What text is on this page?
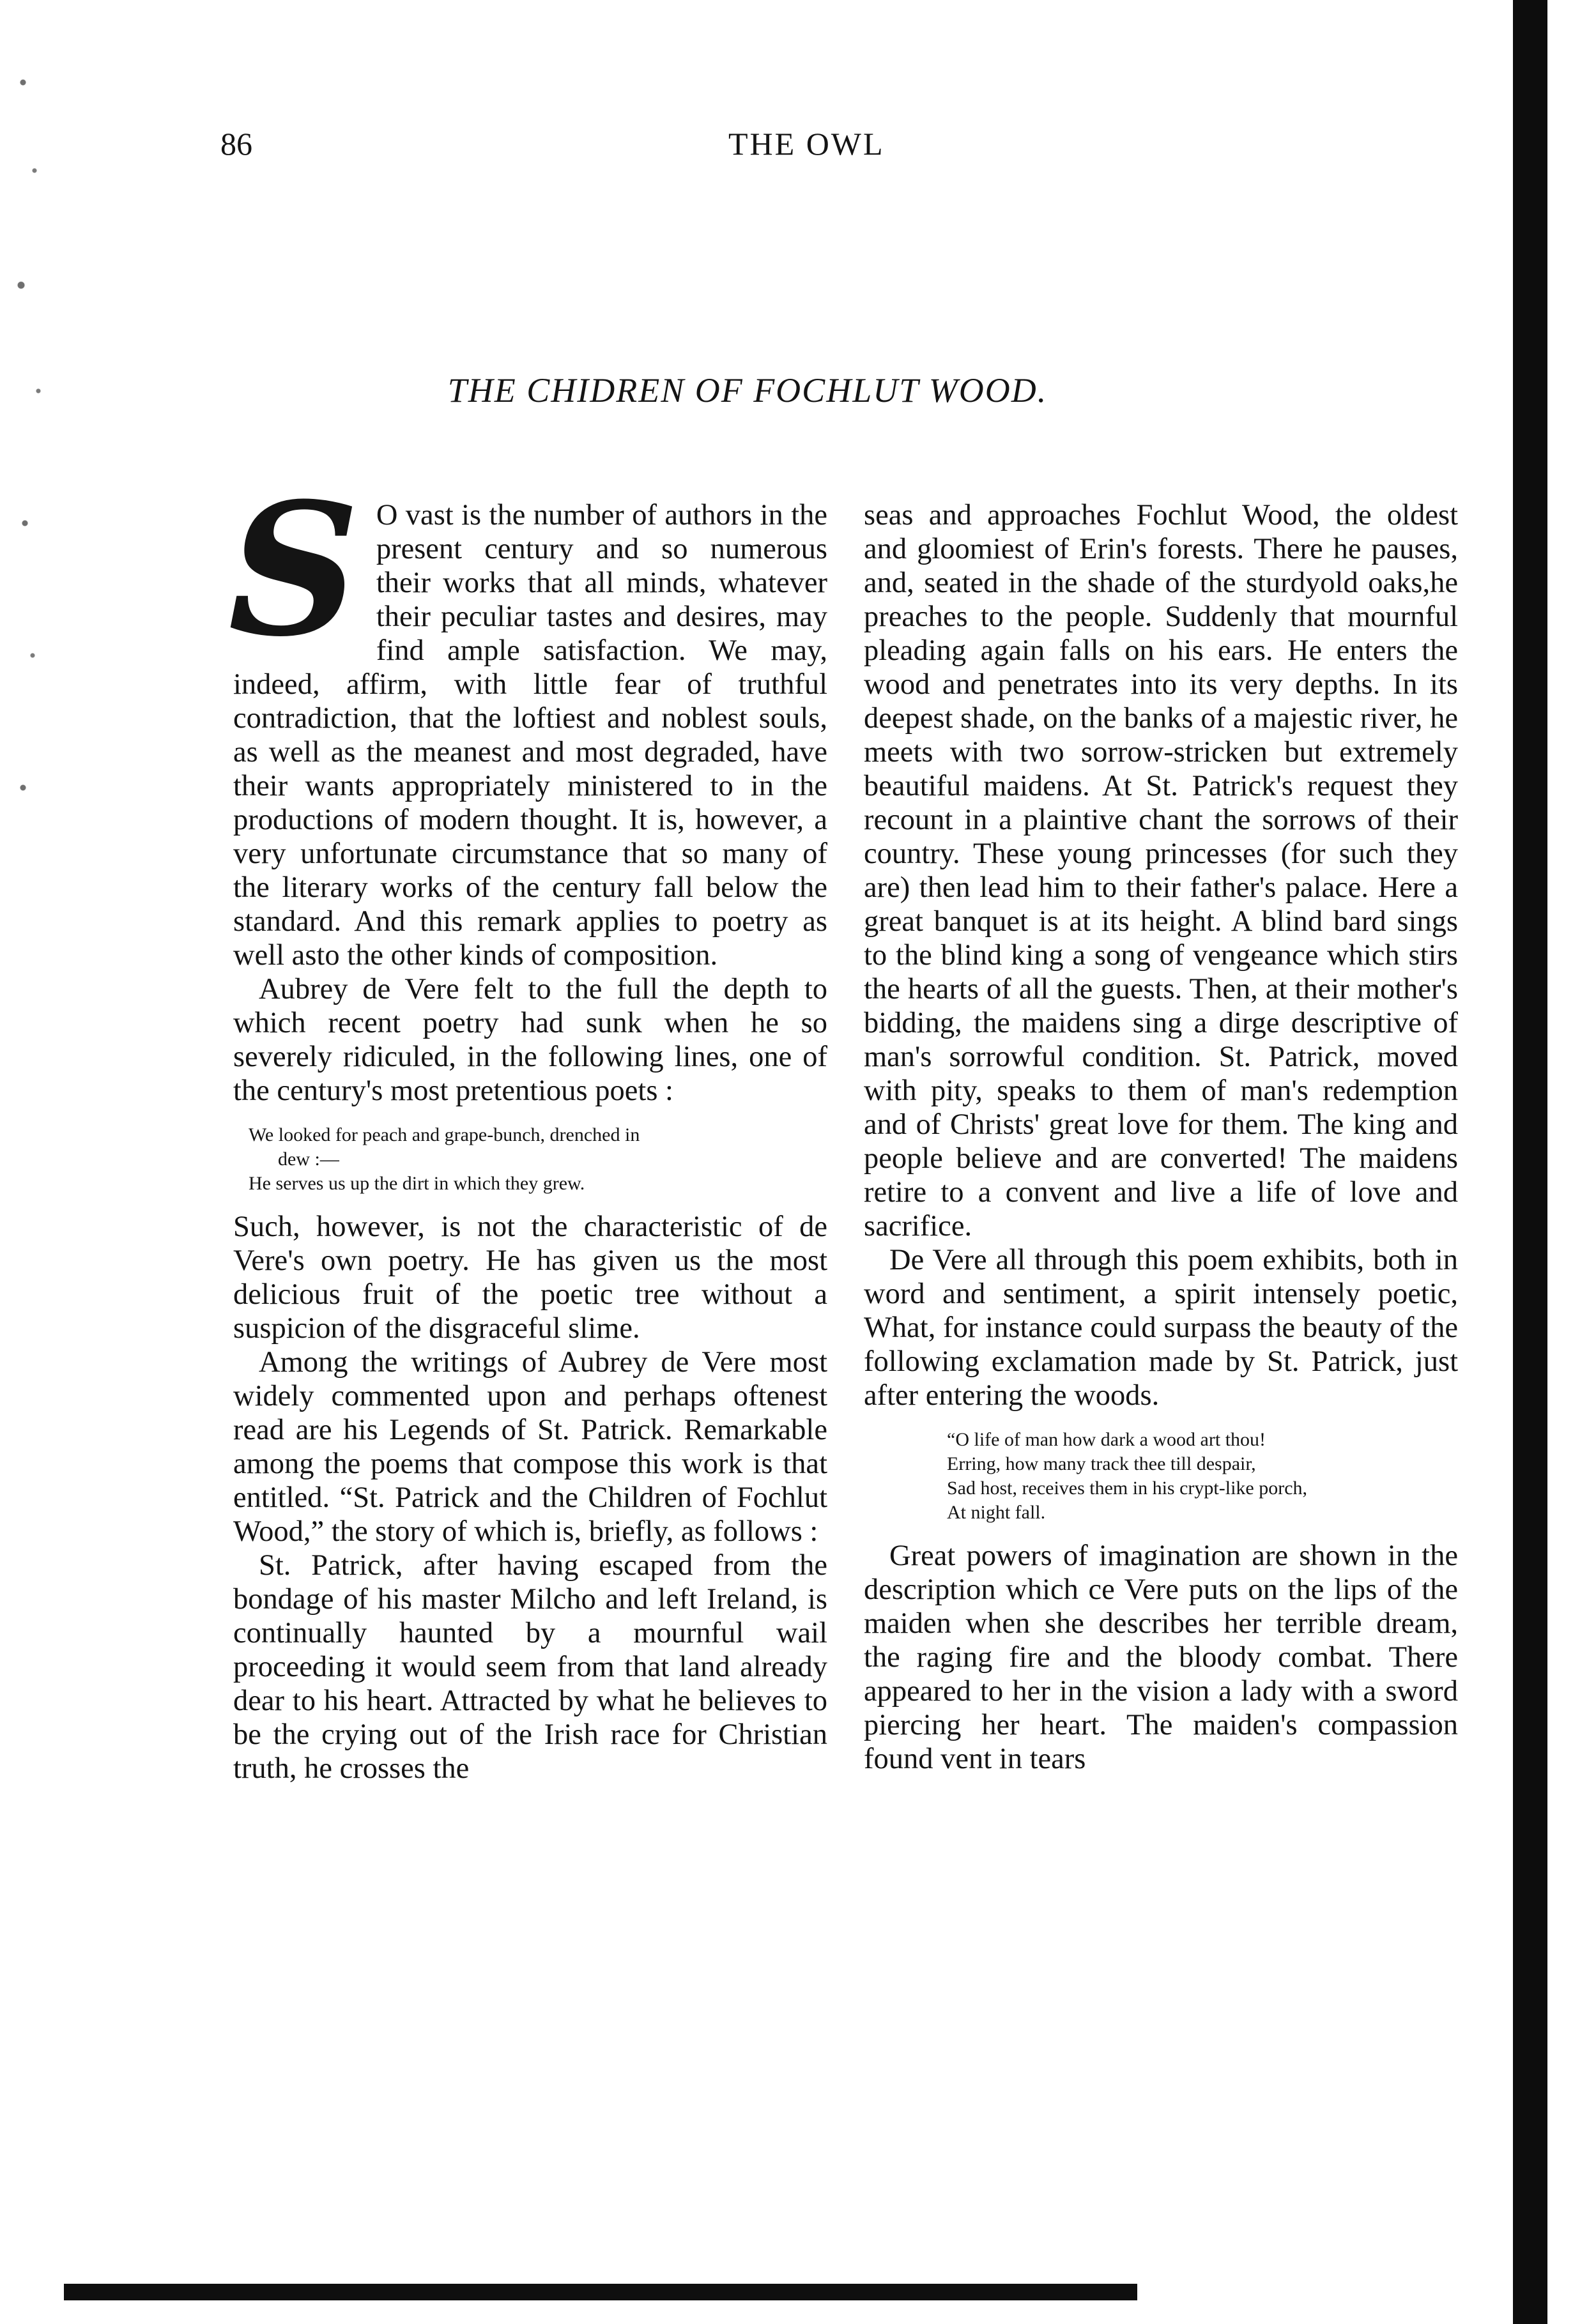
86	THE OWL
THE CHIDREN OF FOCHLUT WOOD.
S O vast is the number of authors in the present century and so numerous their works that all minds, whatever their peculiar tastes and desires, may find ample satisfaction. We may, indeed, affirm, with little fear of truthful contradiction, that the loftiest and noblest souls, as well as the meanest and most degraded, have their wants appropriately ministered to in the productions of modern thought. It is, however, a very unfortunate circumstance that so many of the literary works of the century fall below the standard. And this remark applies to poetry as well asto the other kinds of composition.

Aubrey de Vere felt to the full the depth to which recent poetry had sunk when he so severely ridiculed, in the following lines, one of the century's most pretentious poets :

We looked for peach and grape-bunch, drenched in
dew :—
He serves us up the dirt in which they grew.

Such, however, is not the characteristic of de Vere's own poetry. He has given us the most delicious fruit of the poetic tree without a suspicion of the disgraceful slime.

Among the writings of Aubrey de Vere most widely commented upon and perhaps oftenest read are his Legends of St. Patrick. Remarkable among the poems that compose this work is that entitled. “St. Patrick and the Children of Fochlut Wood,” the story of which is, briefly, as follows :

St. Patrick, after having escaped from the bondage of his master Milcho and left Ireland, is continually haunted by a mournful wail proceeding it would seem from that land already dear to his heart. Attracted by what he believes to be the crying out of the Irish race for Christian truth, he crosses the

seas and approaches Fochlut Wood, the oldest and gloomiest of Erin's forests. There he pauses, and, seated in the shade of the sturdyold oaks,he preaches to the people. Suddenly that mournful pleading again falls on his ears. He enters the wood and penetrates into its very depths. In its deepest shade, on the banks of a majestic river, he meets with two sorrow-stricken but extremely beautiful maidens. At St. Patrick's request they recount in a plaintive chant the sorrows of their country. These young princesses (for such they are) then lead him to their father's palace. Here a great banquet is at its height. A blind bard sings to the blind king a song of vengeance which stirs the hearts of all the guests. Then, at their mother's bidding, the maidens sing a dirge descriptive of man's sorrowful condition. St. Patrick, moved with pity, speaks to them of man's redemption and of Christs' great love for them. The king and people believe and are converted! The maidens retire to a convent and live a life of love and sacrifice.

De Vere all through this poem exhibits, both in word and sentiment, a spirit intensely poetic, What, for instance could surpass the beauty of the following exclamation made by St. Patrick, just after entering the woods.

“O life of man how dark a wood art thou!
Erring, how many track thee till despair,
Sad host, receives them in his crypt-like porch,
At night fall.

Great powers of imagination are shown in the description which ce Vere puts on the lips of the maiden when she describes her terrible dream, the raging fire and the bloody combat. There appeared to her in the vision a lady with a sword piercing her heart. The maiden's compassion found vent in tears
